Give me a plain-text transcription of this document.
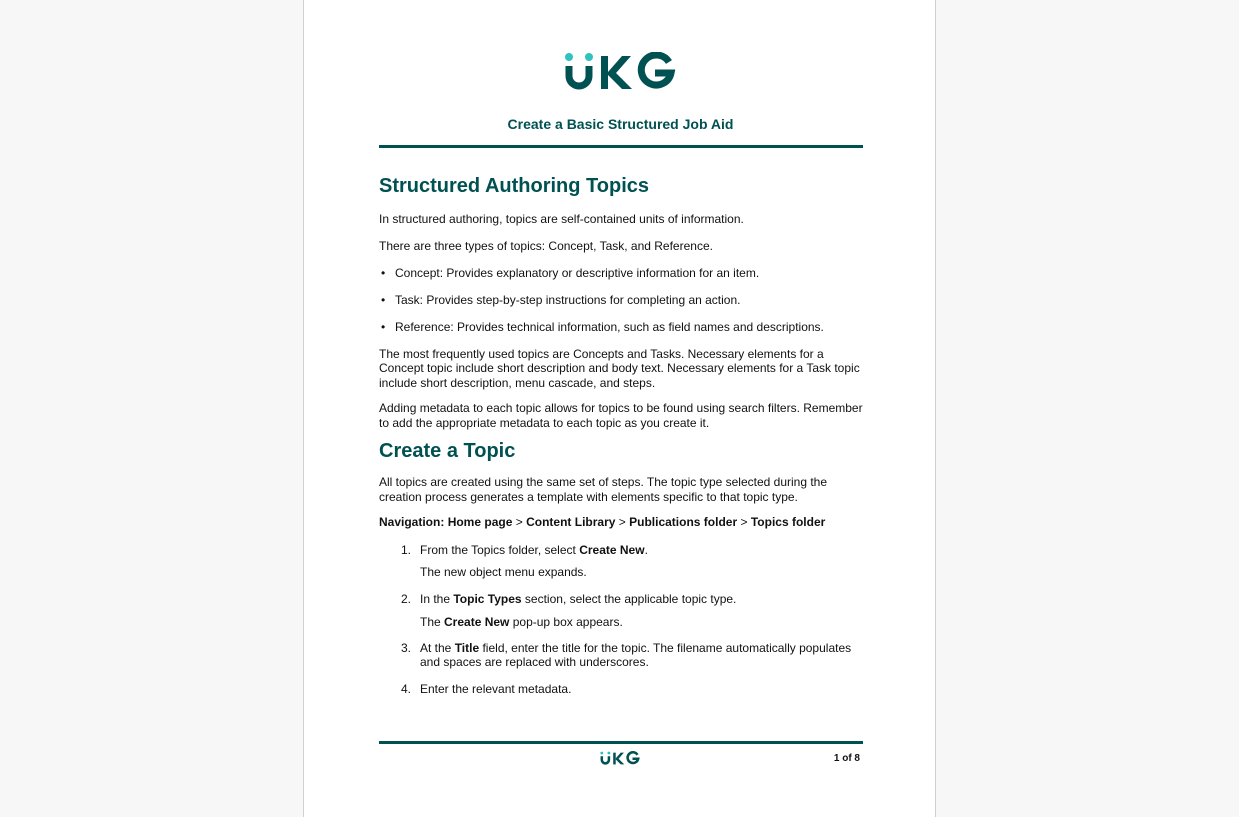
Create a Basic Structured Job Aid
Structured Authoring Topics

In structured authoring, topics are self-contained units of information.

There are three types of topics: Concept, Task, and Reference.

• Concept: Provides explanatory or descriptive information for an item.
• Task: Provides step-by-step instructions for completing an action.
• Reference: Provides technical information, such as field names and descriptions.

The most frequently used topics are Concepts and Tasks. Necessary elements for a Concept topic include short description and body text. Necessary elements for a Task topic include short description, menu cascade, and steps.

Adding metadata to each topic allows for topics to be found using search filters. Remember to add the appropriate metadata to each topic as you create it.

Create a Topic

All topics are created using the same set of steps. The topic type selected during the creation process generates a template with elements specific to that topic type.

Navigation: Home page > Content Library > Publications folder > Topics folder

1. From the Topics folder, select Create New.

The new object menu expands.

2. In the Topic Types section, select the applicable topic type.

The Create New pop-up box appears.

3. At the Title field, enter the title for the topic. The filename automatically populates and spaces are replaced with underscores.

4. Enter the relevant metadata.

1 of 8
